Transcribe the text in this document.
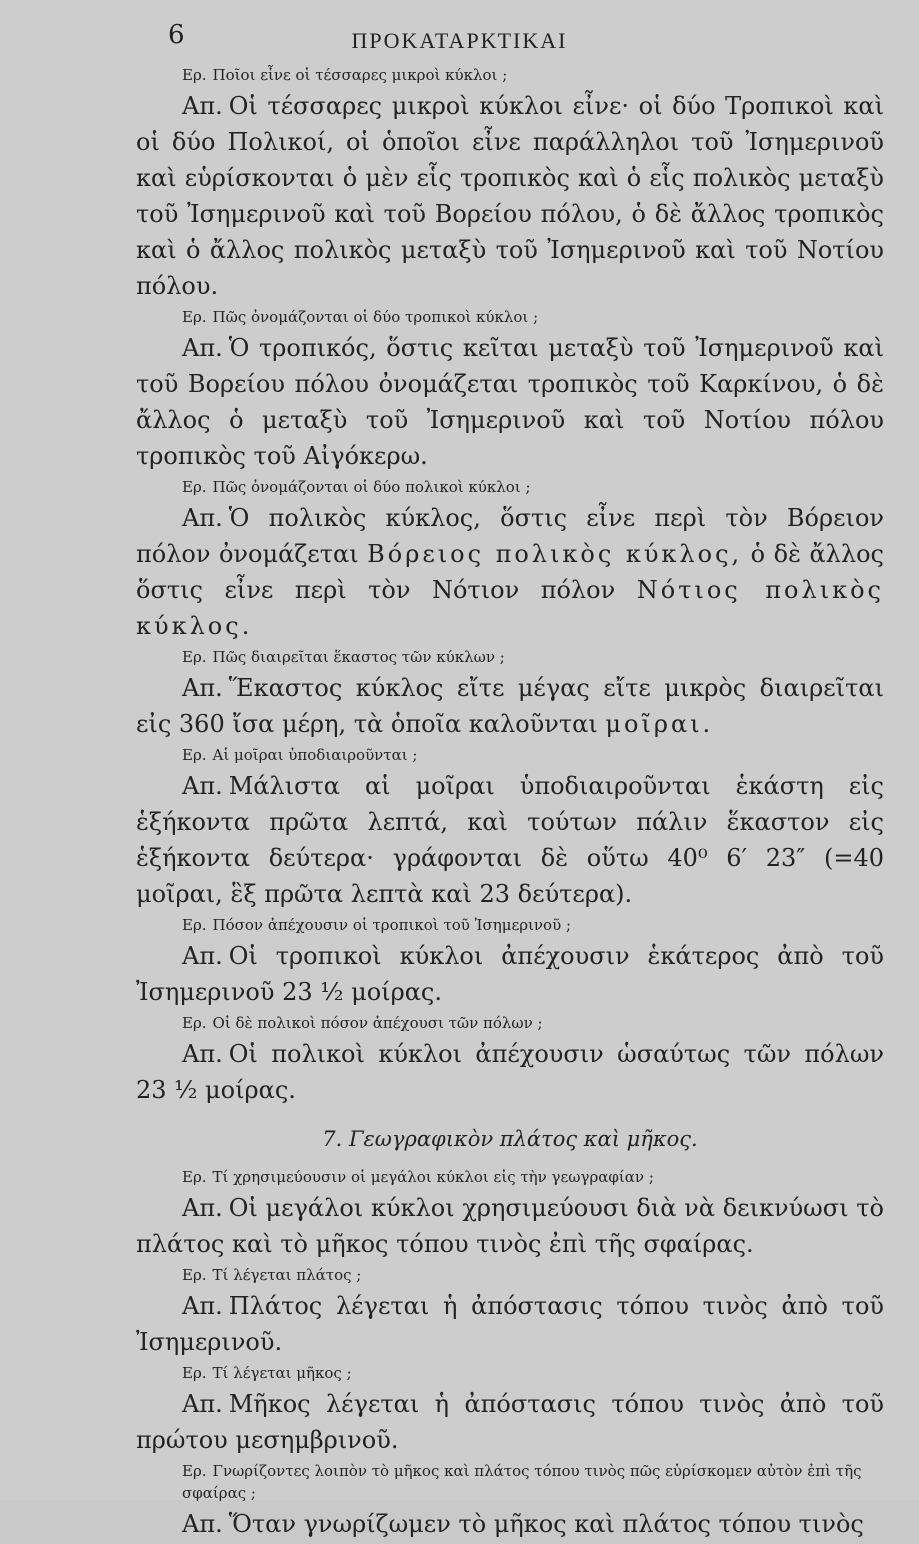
6	ΠΡΟΚΑΤΑΡΚΤΙΚΑΙ

Ερ. Ποῖοι εἶνε οἱ τέσσαρες μικροὶ κύκλοι ;

Απ. Οἱ τέσσαρες μικροὶ κύκλοι εἶνε· οἱ δύο Τροπικοὶ καὶ οἱ δύο Πολικοί, οἱ ὁποῖοι εἶνε παράλληλοι τοῦ Ἰσημερινοῦ καὶ εὑρίσκονται ὁ μὲν εἷς τροπικὸς καὶ ὁ εἷς πολικὸς μεταξὺ τοῦ Ἰσημερινοῦ καὶ τοῦ Βορείου πόλου, ὁ δὲ ἄλλος τροπικὸς καὶ ὁ ἄλλος πολικὸς μεταξὺ τοῦ Ἰσημερινοῦ καὶ τοῦ Νοτίου πόλου.

Ερ. Πῶς ὀνομάζονται οἱ δύο τροπικοὶ κύκλοι ;

Απ. Ὁ τροπικός, ὅστις κεῖται μεταξὺ τοῦ Ἰσημερινοῦ καὶ τοῦ Βορείου πόλου ὀνομάζεται τροπικὸς τοῦ Καρκίνου, ὁ δὲ ἄλλος ὁ μεταξὺ τοῦ Ἰσημερινοῦ καὶ τοῦ Νοτίου πόλου τροπικὸς τοῦ Αἰγόκερω.

Ερ. Πῶς ὀνομάζονται οἱ δύο πολικοὶ κύκλοι ;

Απ. Ὁ πολικὸς κύκλος, ὅστις εἶνε περὶ τὸν Βόρειον πόλον ὀνομάζεται Βόρειος πολικὸς κύκλος, ὁ δὲ ἄλλος ὅστις εἶνε περὶ τὸν Νότιον πόλον Νότιος πολικὸς κύκλος.

Ερ. Πῶς διαιρεῖται ἕκαστος τῶν κύκλων ;

Απ. Ἕκαστος κύκλος εἴτε μέγας εἴτε μικρὸς διαιρεῖται εἰς 360 ἴσα μέρη, τὰ ὁποῖα καλοῦνται μοῖραι.

Ερ. Αἱ μοῖραι ὑποδιαιροῦνται ;

Απ. Μάλιστα αἱ μοῖραι ὑποδιαιροῦνται ἑκάστη εἰς ἑξήκοντα πρῶτα λεπτά, καὶ τούτων πάλιν ἕκαστον εἰς ἑξήκοντα δεύτερα· γράφονται δὲ οὕτω 40⁰ 6′ 23″ (=40 μοῖραι, ἓξ πρῶτα λεπτὰ καὶ 23 δεύτερα).

Ερ. Πόσον ἀπέχουσιν οἱ τροπικοὶ τοῦ Ἰσημερινοῦ ;

Απ. Οἱ τροπικοὶ κύκλοι ἀπέχουσιν ἑκάτερος ἀπὸ τοῦ Ἰσημερινοῦ 23 ½ μοίρας.

Ερ. Οἱ δὲ πολικοὶ πόσον ἀπέχουσι τῶν πόλων ;

Απ. Οἱ πολικοὶ κύκλοι ἀπέχουσιν ὡσαύτως τῶν πόλων 23 ½ μοίρας.

7. Γεωγραφικὸν πλάτος καὶ μῆκος.

Ερ. Τί χρησιμεύουσιν οἱ μεγάλοι κύκλοι εἰς τὴν γεωγραφίαν ;

Απ. Οἱ μεγάλοι κύκλοι χρησιμεύουσι διὰ νὰ δεικνύωσι τὸ πλάτος καὶ τὸ μῆκος τόπου τινὸς ἐπὶ τῆς σφαίρας.

Ερ. Τί λέγεται πλάτος ;

Απ. Πλάτος λέγεται ἡ ἀπόστασις τόπου τινὸς ἀπὸ τοῦ Ἰσημερινοῦ.

Ερ. Τί λέγεται μῆκος ;

Απ. Μῆκος λέγεται ἡ ἀπόστασις τόπου τινὸς ἀπὸ τοῦ πρώτου μεσημβρινοῦ.

Ερ. Γνωρίζοντες λοιπὸν τὸ μῆκος καὶ πλάτος τόπου τινὸς πῶς εὑρίσκομεν αὐτὸν ἐπὶ τῆς σφαίρας ;

Απ. Ὅταν γνωρίζωμεν τὸ μῆκος καὶ πλάτος τόπου τινὸς
